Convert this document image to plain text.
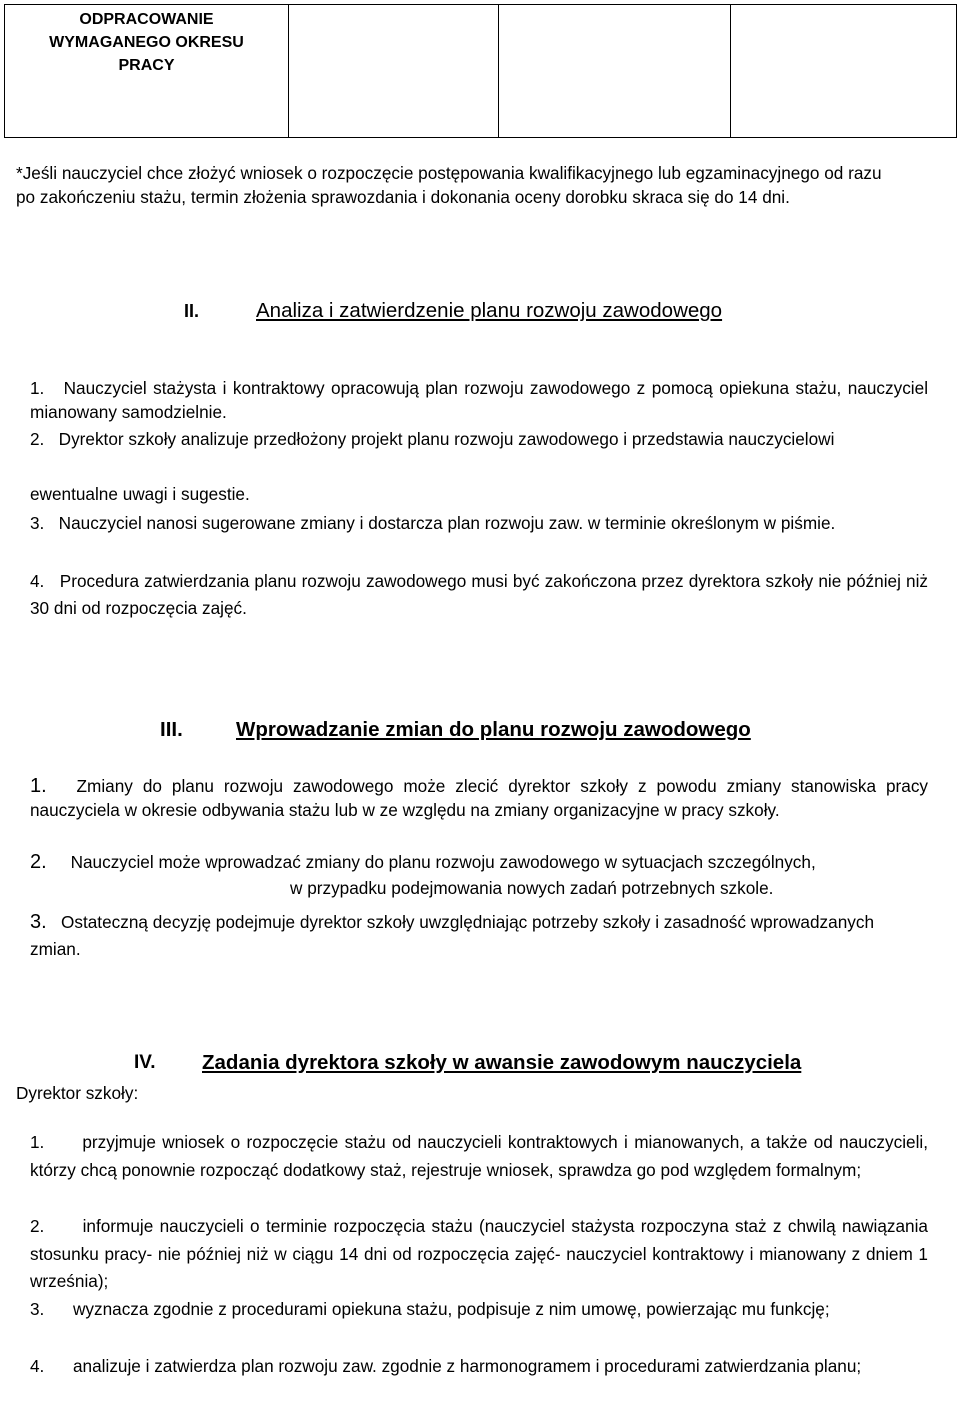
ODPRACOWANIE
WYMAGANEGO OKRESU
PRACY

*Jeśli nauczyciel chce złożyć wniosek o rozpoczęcie postępowania kwalifikacyjnego lub egzaminacyjnego od razu po zakończeniu stażu, termin złożenia sprawozdania i dokonania oceny dorobku skraca się do 14 dni.

II.	Analiza i zatwierdzenie planu rozwoju zawodowego
1. Nauczyciel stażysta i kontraktowy opracowują plan rozwoju zawodowego z pomocą opiekuna stażu, nauczyciel mianowany samodzielnie.
2. Dyrektor szkoły analizuje przedłożony projekt planu rozwoju zawodowego i przedstawia nauczycielowi
ewentualne uwagi i sugestie.
3. Nauczyciel nanosi sugerowane zmiany i dostarcza plan rozwoju zaw. w terminie określonym w piśmie.
4. Procedura zatwierdzania planu rozwoju zawodowego musi być zakończona przez dyrektora szkoły nie później niż 30 dni od rozpoczęcia zajęć.
III.	Wprowadzanie zmian do planu rozwoju zawodowego
1. Zmiany do planu rozwoju zawodowego może zlecić dyrektor szkoły z powodu zmiany stanowiska pracy nauczyciela w okresie odbywania stażu lub w ze względu na zmiany organizacyjne w pracy szkoły.
2. Nauczyciel może wprowadzać zmiany do planu rozwoju zawodowego w sytuacjach szczególnych,
w przypadku podejmowania nowych zadań potrzebnych szkole.
3. Ostateczną decyzję podejmuje dyrektor szkoły uwzględniając potrzeby szkoły i zasadność wprowadzanych zmian.
IV. Zadania dyrektora szkoły w awansie zawodowym nauczyciela

Dyrektor szkoły:

1. przyjmuje wniosek o rozpoczęcie stażu od nauczycieli kontraktowych i mianowanych, a także od nauczycieli, którzy chcą ponownie rozpocząć dodatkowy staż, rejestruje wniosek, sprawdza go pod względem formalnym;
2. informuje nauczycieli o terminie rozpoczęcia stażu (nauczyciel stażysta rozpoczyna staż z chwilą nawiązania stosunku pracy- nie później niż w ciągu 14 dni od rozpoczęcia zajęć- nauczyciel kontraktowy i mianowany z dniem 1 września);
3. wyznacza zgodnie z procedurami opiekuna stażu, podpisuje z nim umowę, powierzając mu funkcję;
4. analizuje i zatwierdza plan rozwoju zaw. zgodnie z harmonogramem i procedurami zatwierdzania planu;
